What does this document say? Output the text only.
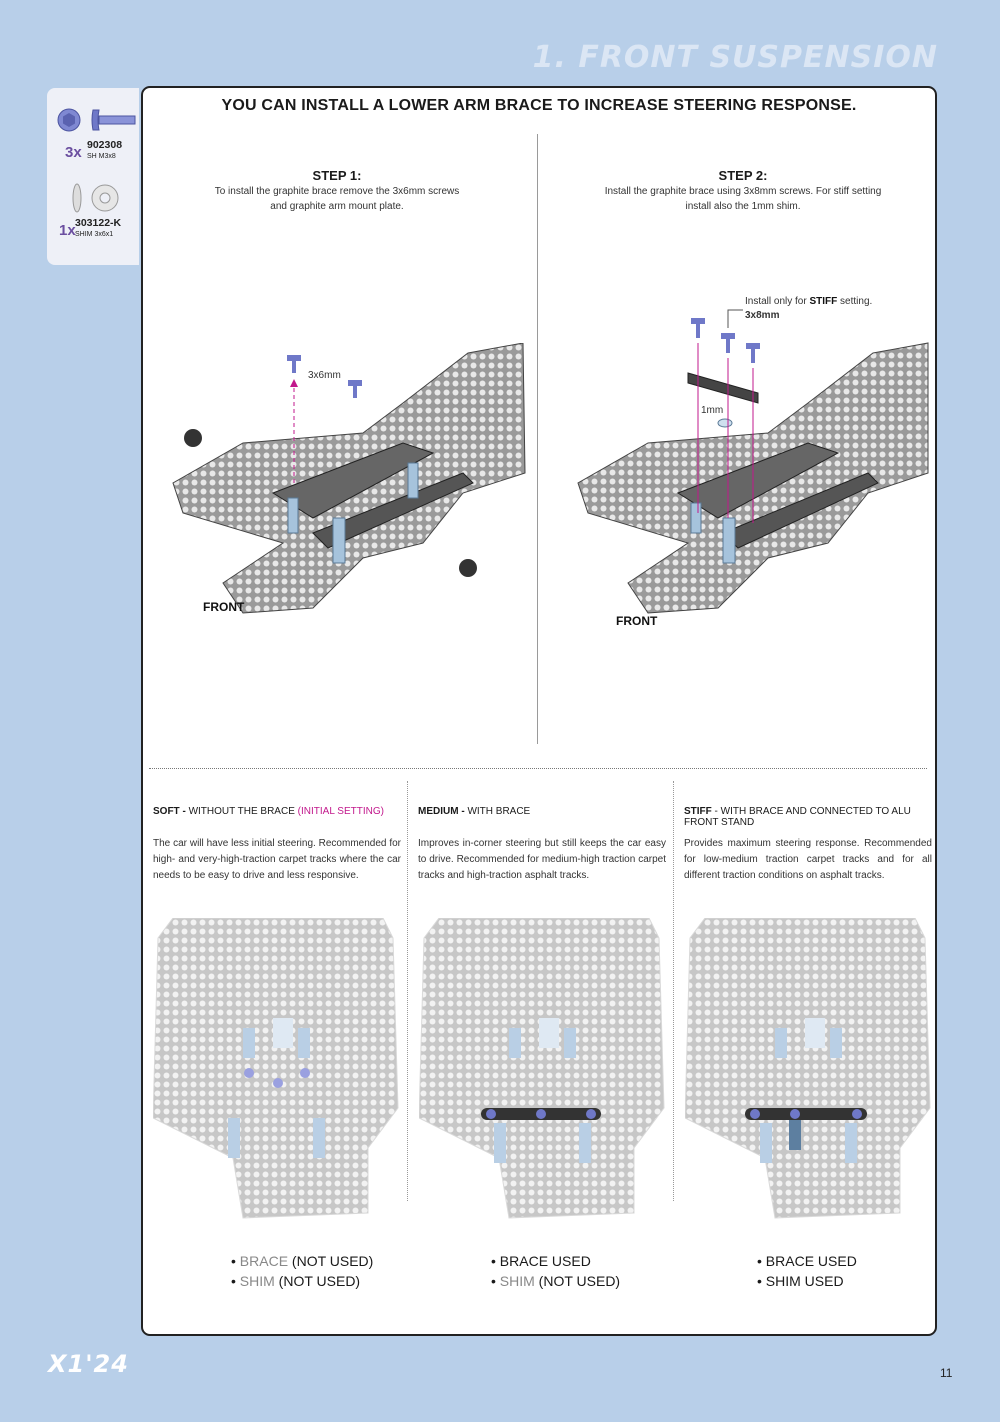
1. FRONT SUSPENSION
3x 902308
SH M3x8
1x 303122-K
SHIM 3x6x1
YOU CAN INSTALL A LOWER ARM BRACE TO INCREASE STEERING RESPONSE.
STEP 1:
To install the graphite brace remove the 3x6mm screws
and graphite arm mount plate.
3x6mm
FRONT
STEP 2:
Install the graphite brace using 3x8mm screws. For stiff setting
install also the 1mm shim.
Install only for STIFF setting.
3x8mm
1mm
FRONT
SOFT - WITHOUT THE BRACE (INITIAL SETTING)
The car will have less initial steering. Recommended for high- and very-high-traction carpet tracks where the car needs to be easy to drive and less responsive.
• BRACE (NOT USED)
• SHIM (NOT USED)
MEDIUM - WITH BRACE
Improves in-corner steering but still keeps the car easy to drive. Recommended for medium-high traction carpet tracks and high-traction asphalt tracks.
• BRACE USED
• SHIM (NOT USED)
STIFF - WITH BRACE AND CONNECTED TO ALU FRONT STAND
Provides maximum steering response. Recommended for low-medium traction carpet tracks and for all different traction conditions on asphalt tracks.
• BRACE USED
• SHIM USED
X1'24	11
